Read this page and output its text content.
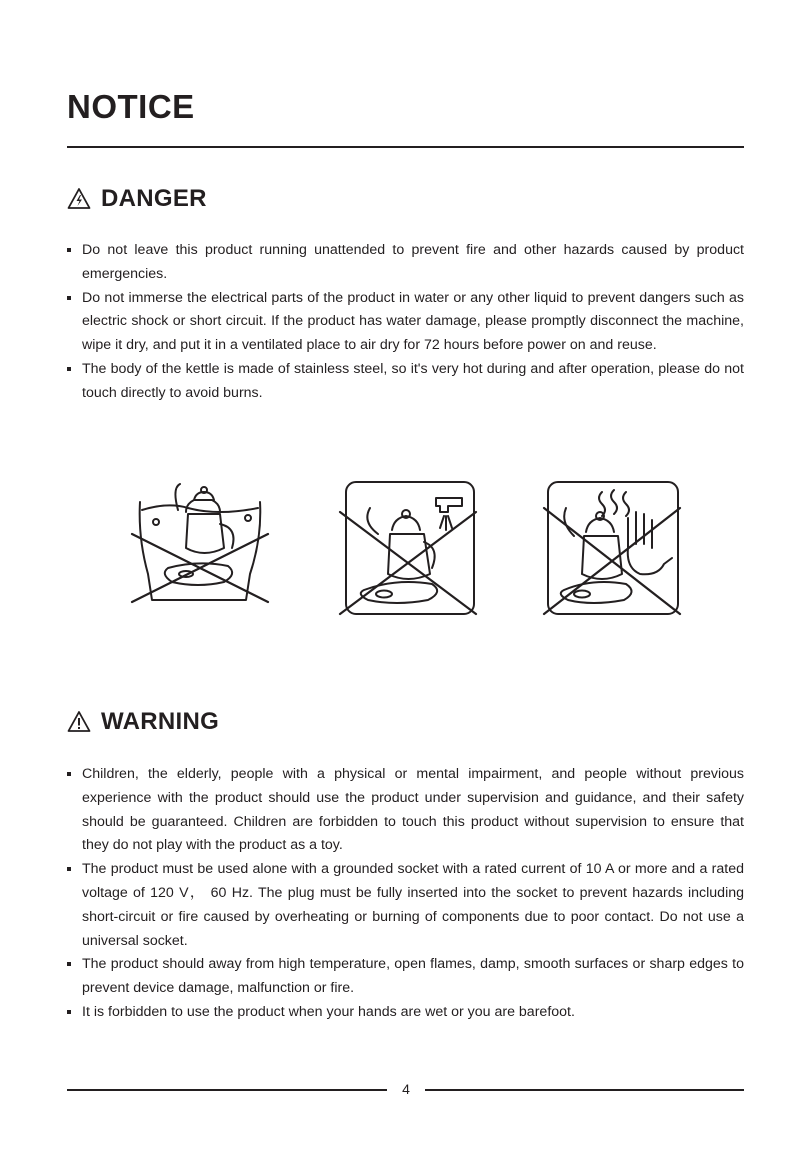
NOTICE
DANGER
Do not leave this product running unattended to prevent fire and other hazards caused by product emergencies.
Do not immerse the electrical parts of the product in water or any other liquid to prevent dangers such as electric shock or short circuit. If the product has water damage, please promptly disconnect the machine, wipe it dry, and put it in a ventilated place to air dry for 72 hours before power on and reuse.
The body of the kettle is made of stainless steel, so it's very hot during and after operation, please do not touch directly to avoid burns.
WARNING
Children, the elderly, people with a physical or mental impairment, and people without previous experience with the product should use the product under supervision and guidance, and their safety should be guaranteed. Children are forbidden to touch this product without supervision to ensure that they do not play with the product as a toy.
The product must be used alone with a grounded socket with a rated current of 10 A or more and a rated voltage of 120 V， 60 Hz. The plug must be fully inserted into the socket to prevent hazards including short-circuit or fire caused by overheating or burning of components due to poor contact. Do not use a universal socket.
The product should away from high temperature, open flames, damp, smooth surfaces or sharp edges to prevent device damage, malfunction or fire.
It is forbidden to use the product when your hands are wet or you are barefoot.
4
